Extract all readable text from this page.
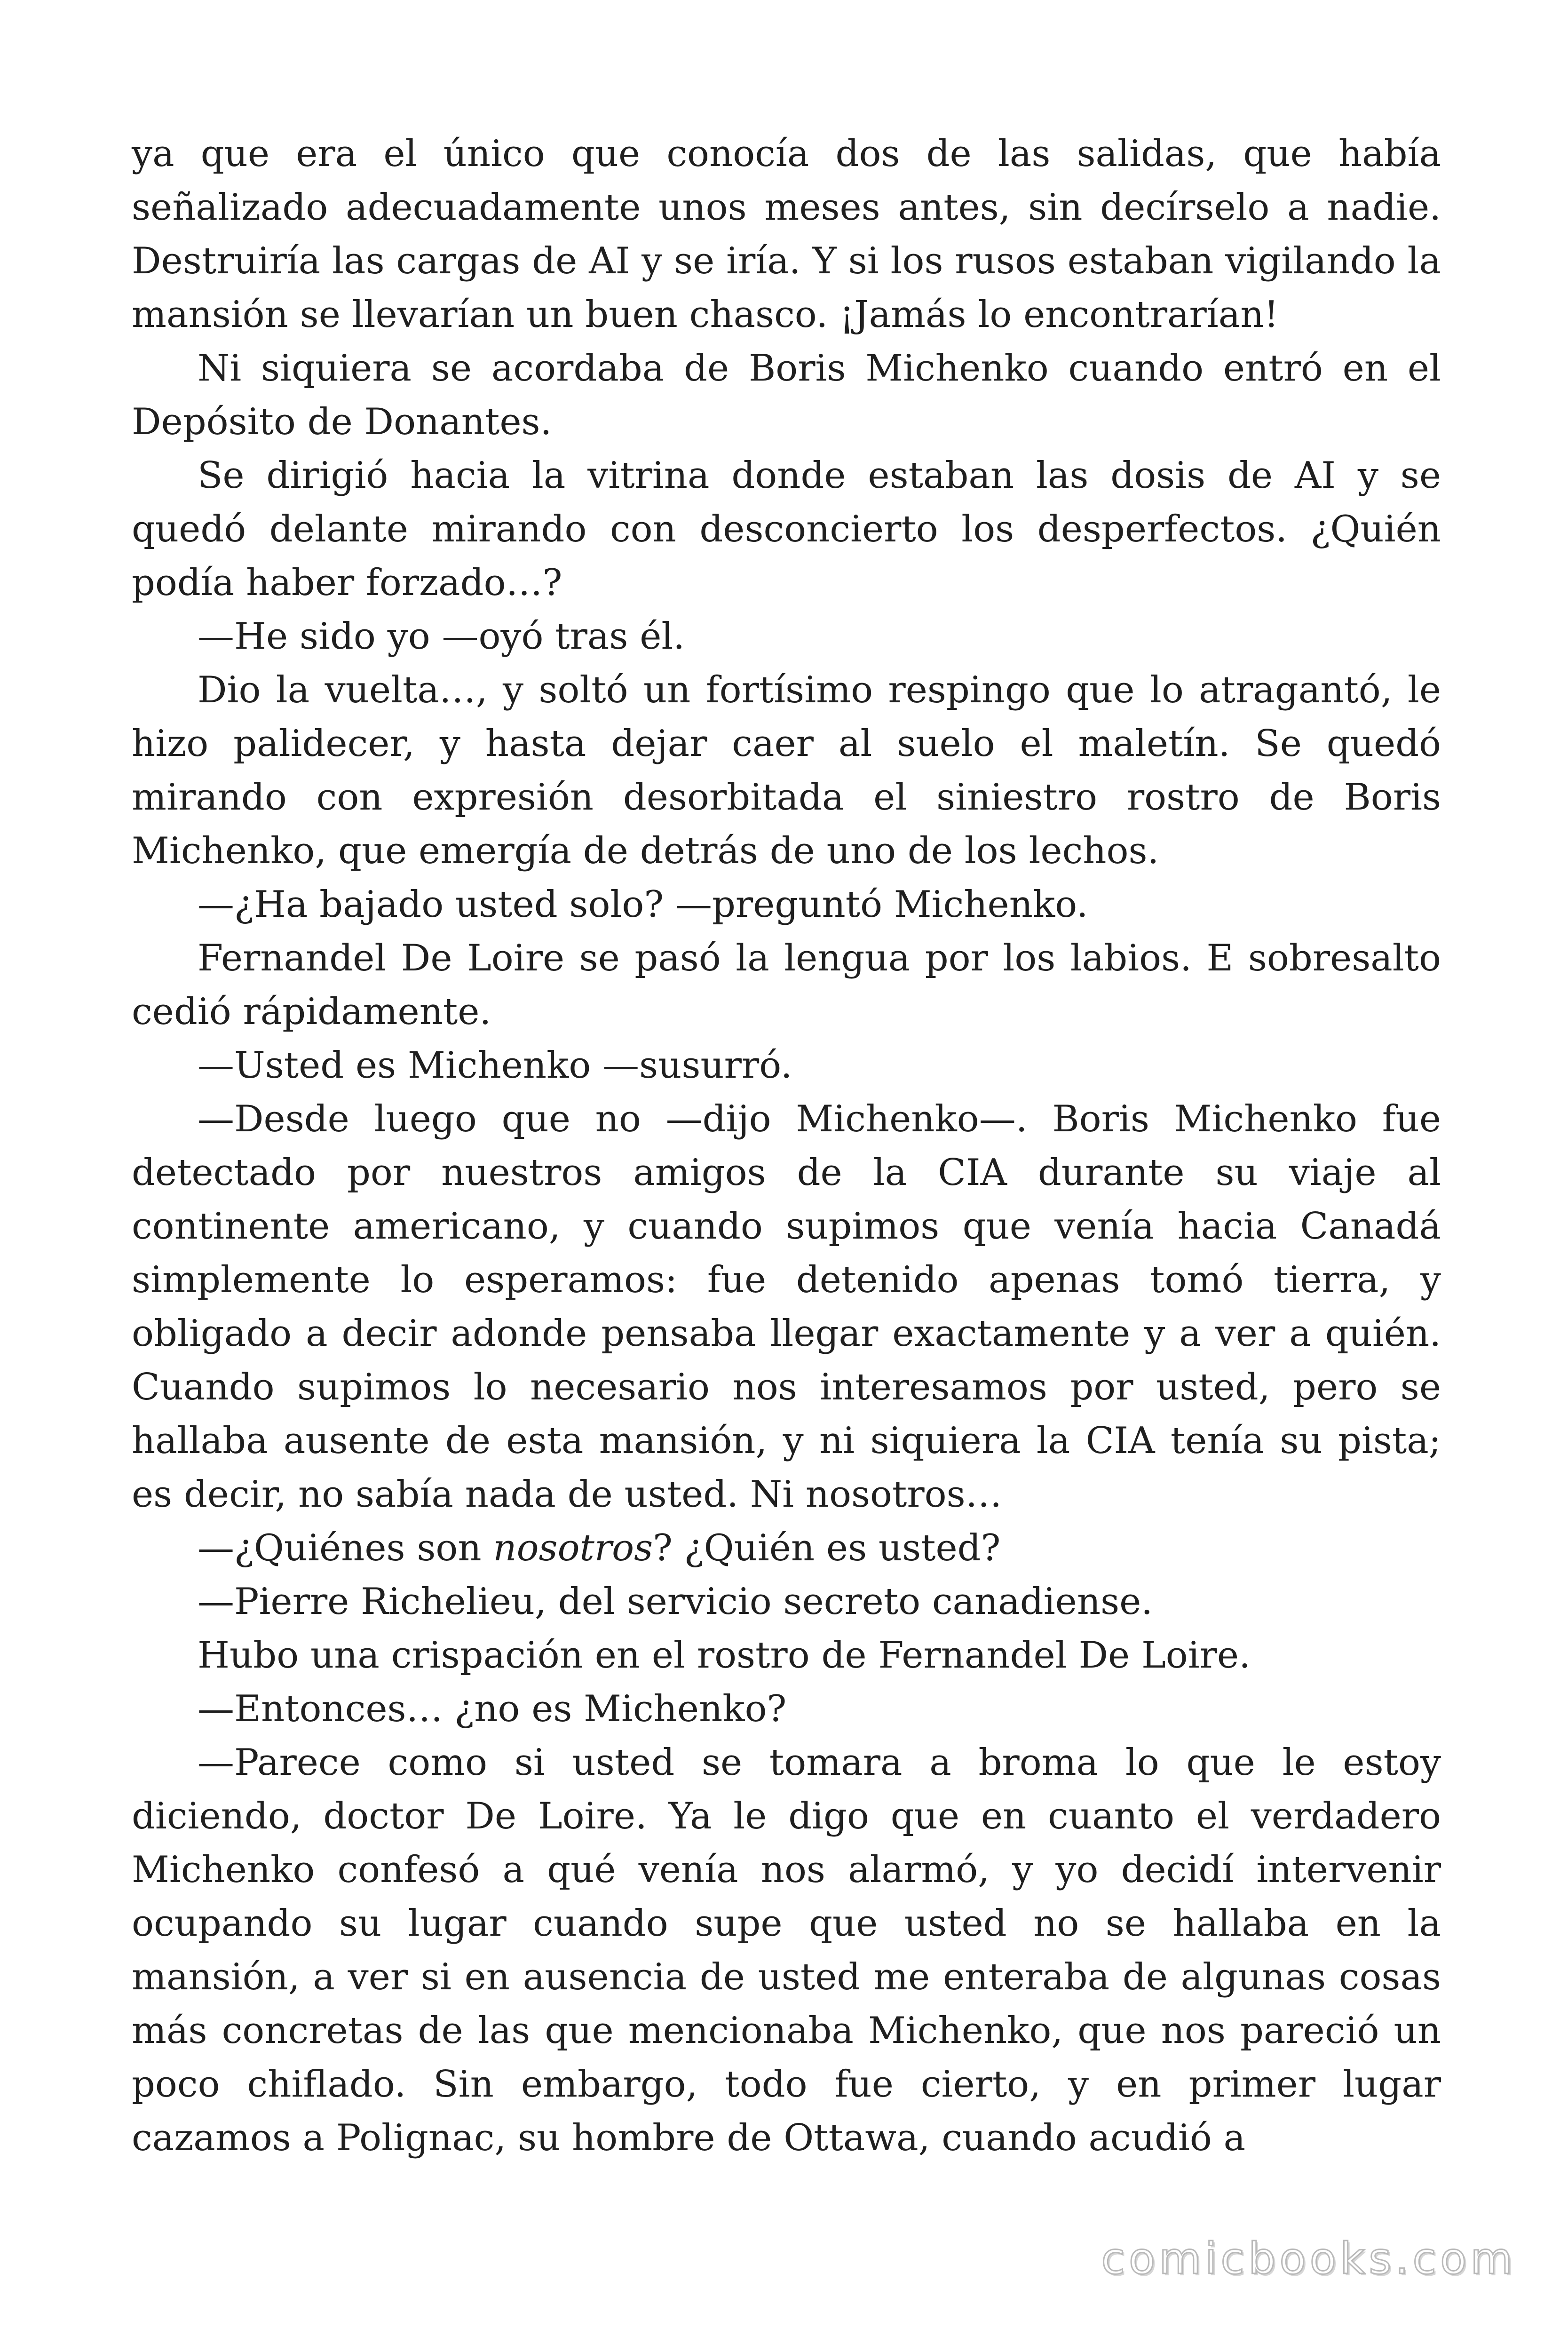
ya que era el único que conocía dos de las salidas, que había señalizado adecuadamente unos meses antes, sin decírselo a nadie. Destruiría las cargas de AI y se iría. Y si los rusos estaban vigilando la mansión se llevarían un buen chasco. ¡Jamás lo encontrarían!

Ni siquiera se acordaba de Boris Michenko cuando entró en el Depósito de Donantes.

Se dirigió hacia la vitrina donde estaban las dosis de AI y se quedó delante mirando con desconcierto los desperfectos. ¿Quién podía haber forzado…?

—He sido yo —oyó tras él.

Dio la vuelta…, y soltó un fortísimo respingo que lo atragantó, le hizo palidecer, y hasta dejar caer al suelo el maletín. Se quedó mirando con expresión desorbitada el siniestro rostro de Boris Michenko, que emergía de detrás de uno de los lechos.

—¿Ha bajado usted solo? —preguntó Michenko.

Fernandel De Loire se pasó la lengua por los labios. E sobresalto cedió rápidamente.

—Usted es Michenko —susurró.

—Desde luego que no —dijo Michenko—. Boris Michenko fue detectado por nuestros amigos de la CIA durante su viaje al continente americano, y cuando supimos que venía hacia Canadá simplemente lo esperamos: fue detenido apenas tomó tierra, y obligado a decir adonde pensaba llegar exactamente y a ver a quién. Cuando supimos lo necesario nos interesamos por usted, pero se hallaba ausente de esta mansión, y ni siquiera la CIA tenía su pista; es decir, no sabía nada de usted. Ni nosotros…

—¿Quiénes son nosotros? ¿Quién es usted?

—Pierre Richelieu, del servicio secreto canadiense.

Hubo una crispación en el rostro de Fernandel De Loire.

—Entonces… ¿no es Michenko?

—Parece como si usted se tomara a broma lo que le estoy diciendo, doctor De Loire. Ya le digo que en cuanto el verdadero Michenko confesó a qué venía nos alarmó, y yo decidí intervenir ocupando su lugar cuando supe que usted no se hallaba en la mansión, a ver si en ausencia de usted me enteraba de algunas cosas más concretas de las que mencionaba Michenko, que nos pareció un poco chiflado. Sin embargo, todo fue cierto, y en primer lugar cazamos a Polignac, su hombre de Ottawa, cuando acudió a

comicbooks.com
